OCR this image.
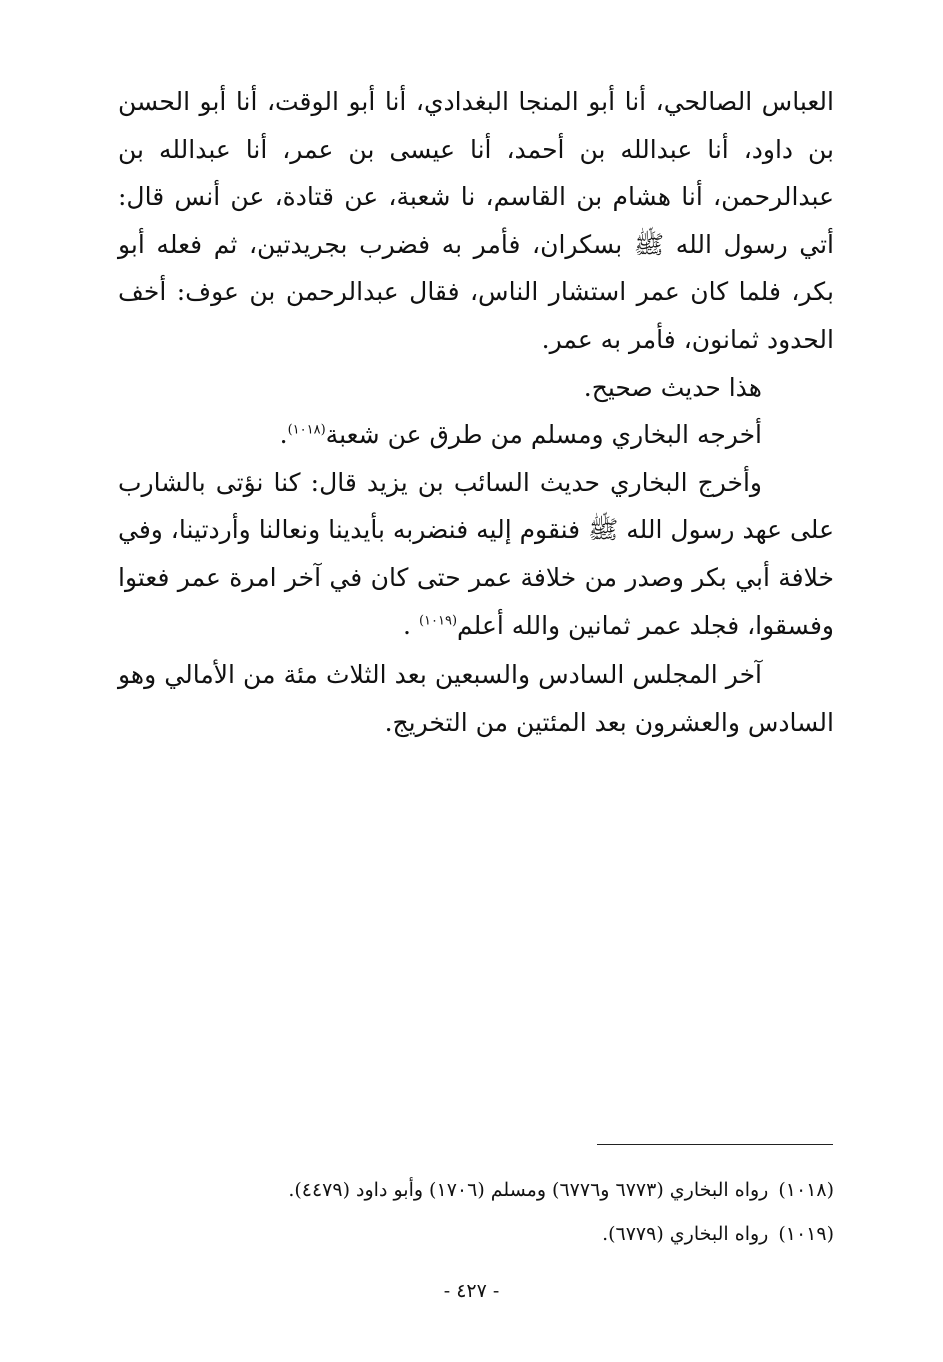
العباس الصالحي، أنا أبو المنجا البغدادي، أنا أبو الوقت، أنا أبو الحسن بن داود، أنا عبدالله بن أحمد، أنا عيسى بن عمر، أنا عبدالله بن عبدالرحمن، أنا هشام بن القاسم، نا شعبة، عن قتادة، عن أنس قال: أتي رسول الله ﷺ بسكران، فأمر به فضرب بجريدتين، ثم فعله أبو بكر، فلما كان عمر استشار الناس، فقال عبدالرحمن بن عوف: أخف الحدود ثمانون، فأمر به عمر.

هذا حديث صحيح.

أخرجه البخاري ومسلم من طرق عن شعبة$^{(١٠١٨)}$.

وأخرج البخاري حديث السائب بن يزيد قال: كنا نؤتى بالشارب على عهد رسول الله ﷺ فنقوم إليه فنضربه بأيدينا ونعالنا وأردتينا، وفي خلافة أبي بكر وصدر من خلافة عمر حتى كان في آخر امرة عمر فعتوا وفسقوا، فجلد عمر ثمانين والله أعلم$^{(١٠١٩)}$ .

آخر المجلس السادس والسبعين بعد الثلاث مئة من الأمالي وهو السادس والعشرون بعد المئتين من التخريج.

(١٠١٨)رواه البخاري (٦٧٧٣ و٦٧٧٦) ومسلم (١٧٠٦) وأبو داود (٤٤٧٩).

(١٠١٩)رواه البخاري (٦٧٧٩).

- ٤٢٧ -
